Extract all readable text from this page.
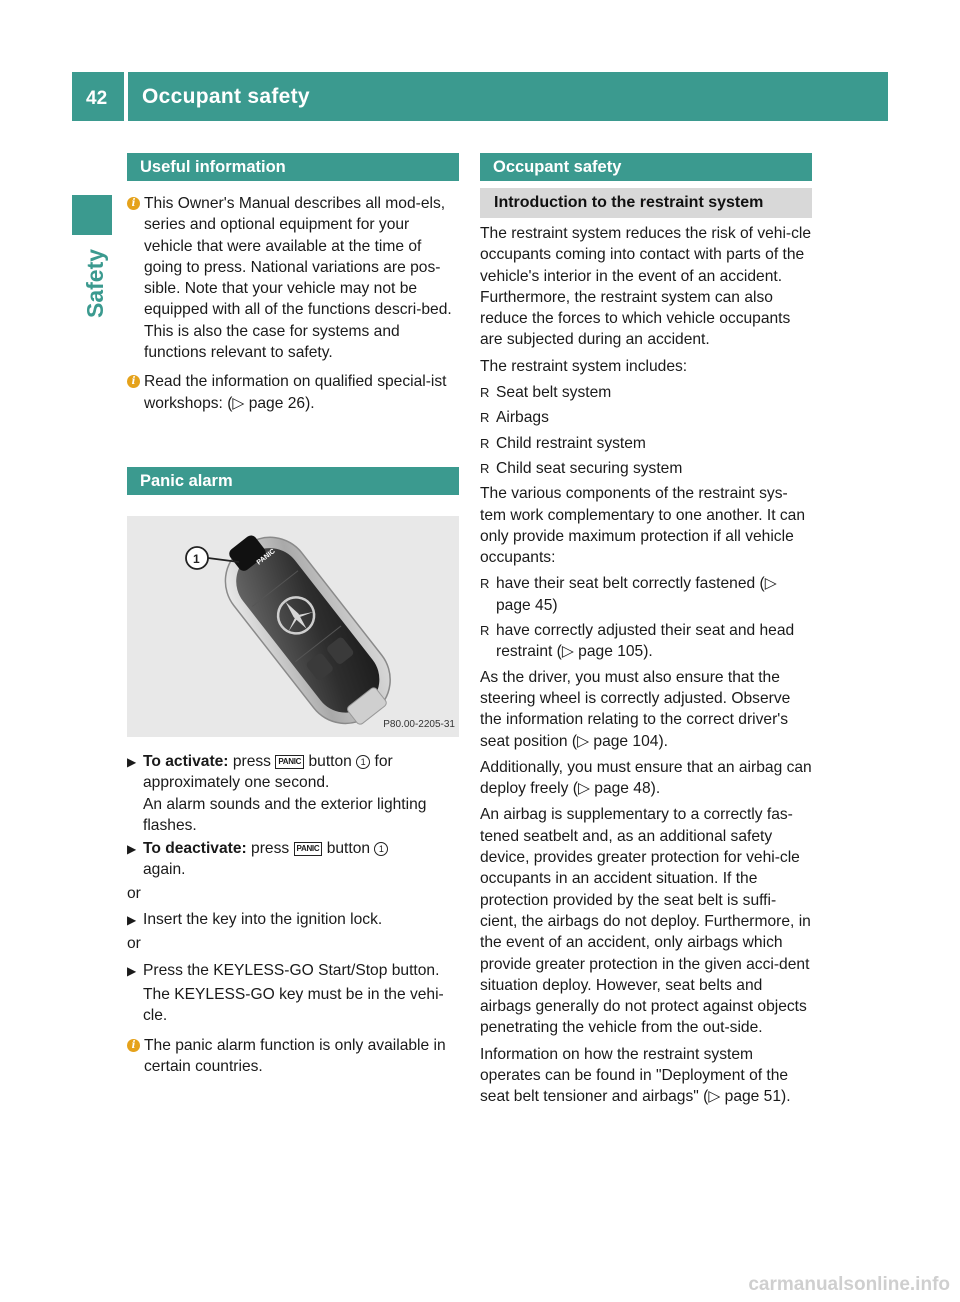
42 Occupant safety
Safety
Useful information
i This Owner's Manual describes all mod-els, series and optional equipment for your vehicle that were available at the time of going to press. National variations are pos-sible. Note that your vehicle may not be equipped with all of the functions descri-bed. This is also the case for systems and functions relevant to safety.
i Read the information on qualified special-ist workshops: (▷ page 26).
Panic alarm
PANIC
1
P80.00-2205-31
▶ To activate: press PANIC button 1 for approximately one second.
An alarm sounds and the exterior lighting flashes.
▶ To deactivate: press PANIC button 1
again.

or

▶ Insert the key into the ignition lock.

or

▶ Press the KEYLESS-GO Start/Stop button.

The KEYLESS-GO key must be in the vehi-cle.

i The panic alarm function is only available in certain countries.
Occupant safety
Introduction to the restraint system

The restraint system reduces the risk of vehi-cle occupants coming into contact with parts of the vehicle's interior in the event of an accident. Furthermore, the restraint system can also reduce the forces to which vehicle occupants are subjected during an accident.

The restraint system includes:

R Seat belt system
R Airbags
R Child restraint system
R Child seat securing system

The various components of the restraint sys-tem work complementary to one another. It can only provide maximum protection if all vehicle occupants:

R have their seat belt correctly fastened (▷ page 45)
R have correctly adjusted their seat and head restraint (▷ page 105).

As the driver, you must also ensure that the steering wheel is correctly adjusted. Observe the information relating to the correct driver's seat position (▷ page 104).

Additionally, you must ensure that an airbag can deploy freely (▷ page 48).

An airbag is supplementary to a correctly fas-tened seatbelt and, as an additional safety device, provides greater protection for vehi-cle occupants in an accident situation. If the protection provided by the seat belt is suffi-cient, the airbags do not deploy. Furthermore, in the event of an accident, only airbags which provide greater protection in the given acci-dent situation deploy. However, seat belts and airbags generally do not protect against objects penetrating the vehicle from the out-side.

Information on how the restraint system operates can be found in "Deployment of the seat belt tensioner and airbags" (▷ page 51).

carmanualsonline.info
